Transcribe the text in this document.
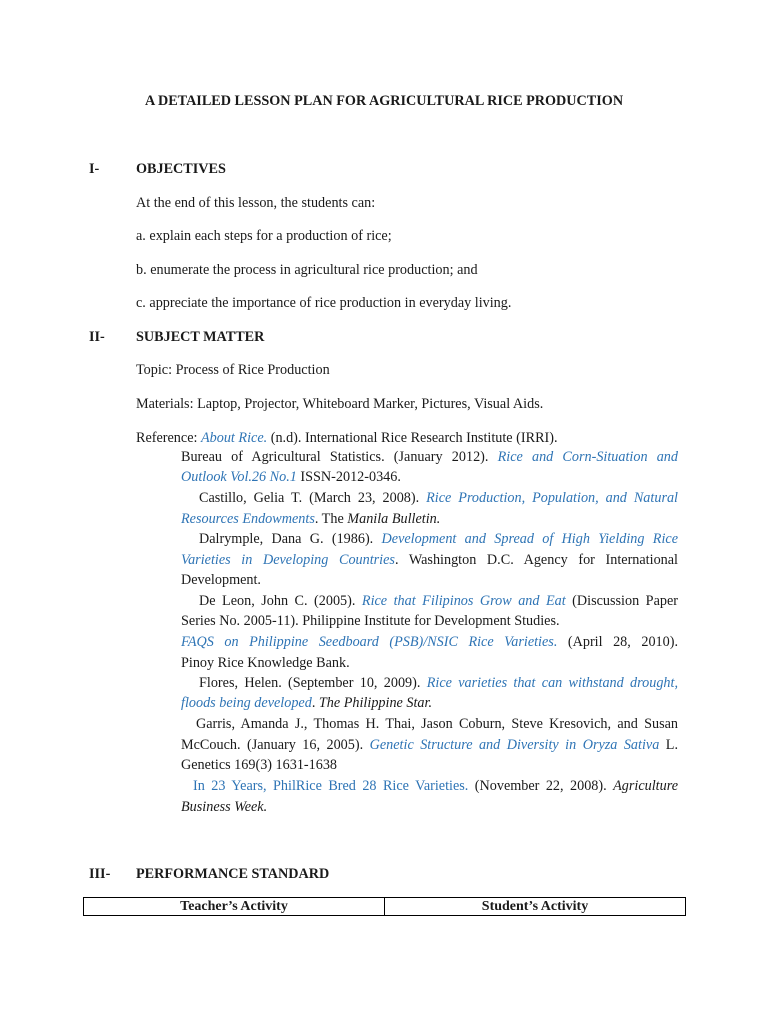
A DETAILED LESSON PLAN FOR AGRICULTURAL RICE PRODUCTION
I-	OBJECTIVES
At the end of this lesson, the students can:
a. explain each steps for a production of rice;
b. enumerate the process in agricultural rice production; and
c. appreciate the importance of rice production in everyday living.
II- SUBJECT MATTER
Topic: Process of Rice Production
Materials: Laptop, Projector, Whiteboard Marker, Pictures, Visual Aids.
Reference: About Rice. (n.d). International Rice Research Institute (IRRI).
Bureau of Agricultural Statistics. (January 2012). Rice and Corn-Situation and
Outlook Vol.26 No.1 ISSN-2012-0346.
Castillo, Gelia T. (March 23, 2008). Rice Production, Population, and Natural
Resources Endowments. The Manila Bulletin.
Dalrymple, Dana G. (1986). Development and Spread of High Yielding Rice
Varieties in Developing Countries. Washington D.C. Agency for International
Development.
De Leon, John C. (2005). Rice that Filipinos Grow and Eat (Discussion Paper
Series No. 2005-11). Philippine Institute for Development Studies.
FAQS on Philippine Seedboard (PSB)/NSIC Rice Varieties. (April 28, 2010).
Pinoy Rice Knowledge Bank.
Flores, Helen. (September 10, 2009). Rice varieties that can withstand drought,
floods being developed. The Philippine Star.
Garris, Amanda J., Thomas H. Thai, Jason Coburn, Steve Kresovich, and Susan
McCouch. (January 16, 2005). Genetic Structure and Diversity in Oryza Sativa L.
Genetics 169(3) 1631-1638
In 23 Years, PhilRice Bred 28 Rice Varieties. (November 22, 2008). Agriculture
Business Week.
III- PERFORMANCE STANDARD
Teacher’s Activity	Student’s Activity
